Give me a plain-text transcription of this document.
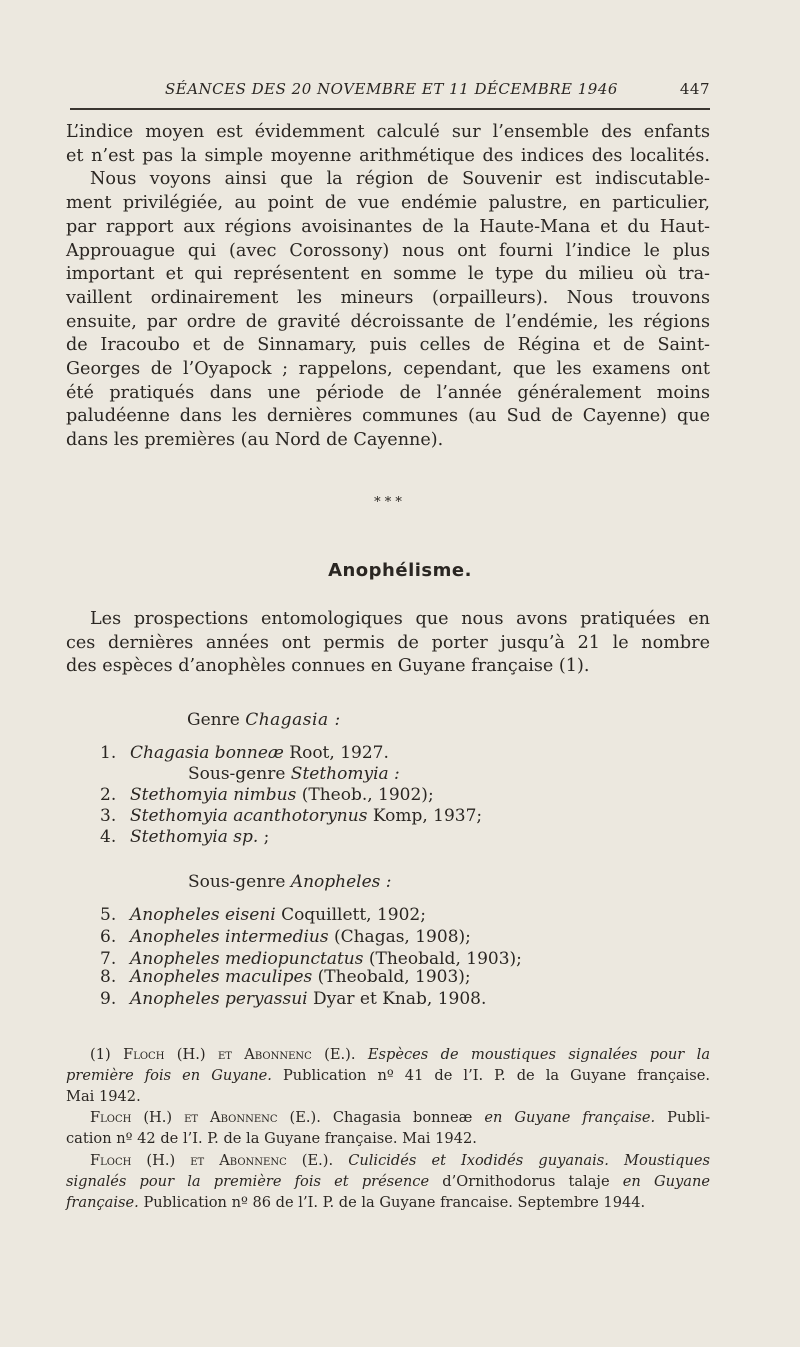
SÉANCES DES 20 NOVEMBRE ET 11 DÉCEMBRE 1946	447

L’indice moyen est évidemment calculé sur l’ensemble des enfants
et n’est pas la simple moyenne arithmétique des indices des localités.
Nous voyons ainsi que la région de Souvenir est indiscutable-
ment privilégiée, au point de vue endémie palustre, en particulier,
par rapport aux régions avoisinantes de la Haute-Mana et du Haut-
Approuague qui (avec Corossony) nous ont fourni l’indice le plus
important et qui représentent en somme le type du milieu où tra-
vaillent ordinairement les mineurs (orpailleurs). Nous trouvons
ensuite, par ordre de gravité décroissante de l’endémie, les régions
de Iracoubo et de Sinnamary, puis celles de Régina et de Saint-
Georges de l’Oyapock ; rappelons, cependant, que les examens ont
été pratiqués dans une période de l’année généralement moins
paludéenne dans les dernières communes (au Sud de Cayenne) que
dans les premières (au Nord de Cayenne).

* * *
Anophélisme.

Les prospections entomologiques que nous avons pratiquées en
ces dernières années ont permis de porter jusqu’à 21 le nombre
des espèces d’anophèles connues en Guyane française (1).

Genre Chagasia :
1. Chagasia bonneæ Root, 1927.
Sous-genre Stethomyia :
2. Stethomyia nimbus (Theob., 1902);
3. Stethomyia acanthotorynus Komp, 1937;
4. Stethomyia sp. ;
Sous-genre Anopheles :
5. Anopheles eiseni Coquillett, 1902;
6. Anopheles intermedius (Chagas, 1908);
7. Anopheles mediopunctatus (Theobald, 1903);
8. Anopheles maculipes (Theobald, 1903);
9. Anopheles peryassui Dyar et Knab, 1908.

(1) Floch (H.) et Abonnenc (E.). Espèces de moustiques signalées pour la
première fois en Guyane. Publication nº 41 de l’I. P. de la Guyane française.
Mai 1942.

Floch (H.) et Abonnenc (E.). Chagasia bonneæ en Guyane française. Publi-
cation nº 42 de l’I. P. de la Guyane française. Mai 1942.

Floch (H.) et Abonnenc (E.). Culicidés et Ixodidés guyanais. Moustiques
signalés pour la première fois et présence d’Ornithodorus talaje en Guyane
française. Publication nº 86 de l’I. P. de la Guyane francaise. Septembre 1944.
